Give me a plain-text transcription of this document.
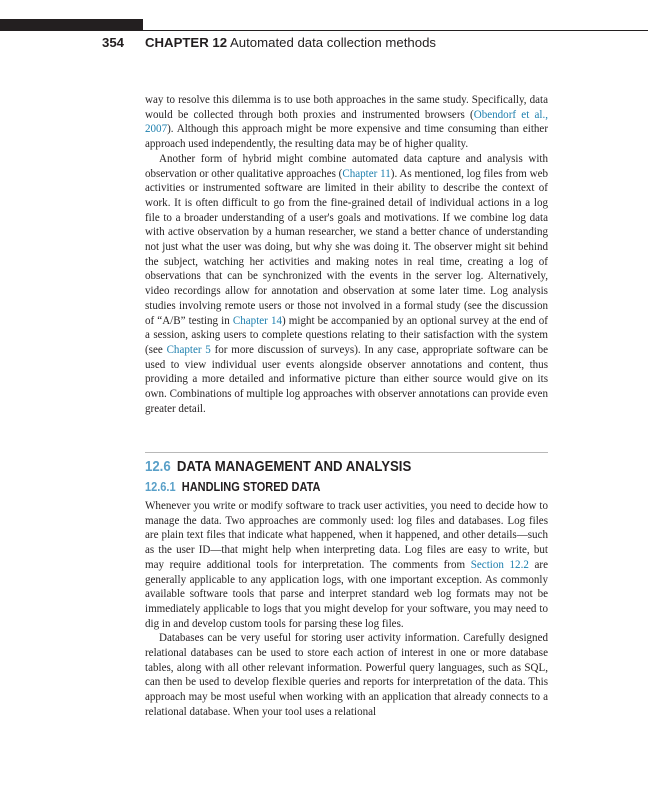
354 CHAPTER 12 Automated data collection methods

way to resolve this dilemma is to use both approaches in the same study. Specifically, data would be collected through both proxies and instrumented browsers (Obendorf et al., 2007). Although this approach might be more expensive and time consuming than either approach used independently, the resulting data may be of higher quality.

Another form of hybrid might combine automated data capture and analysis with observation or other qualitative approaches (Chapter 11). As mentioned, log files from web activities or instrumented software are limited in their ability to describe the context of work. It is often difficult to go from the fine-grained detail of individual actions in a log file to a broader understanding of a user's goals and motivations. If we combine log data with active observation by a human researcher, we stand a better chance of understanding not just what the user was doing, but why she was doing it. The observer might sit behind the subject, watching her activities and making notes in real time, creating a log of observations that can be synchronized with the events in the server log. Alternatively, video recordings allow for annotation and observation at some later time. Log analysis studies involving remote users or those not involved in a formal study (see the discussion of “A/B” testing in Chapter 14) might be accompanied by an optional survey at the end of a session, asking users to complete questions relating to their satisfaction with the system (see Chapter 5 for more discussion of surveys). In any case, appropriate software can be used to view individual user events alongside observer annotations and content, thus providing a more detailed and informative picture than either source would give on its own. Combinations of multiple log approaches with observer annotations can provide even greater detail.

12.6 DATA MANAGEMENT AND ANALYSIS
12.6.1 HANDLING STORED DATA

Whenever you write or modify software to track user activities, you need to decide how to manage the data. Two approaches are commonly used: log files and databases. Log files are plain text files that indicate what happened, when it happened, and other details—such as the user ID—that might help when interpreting data. Log files are easy to write, but may require additional tools for interpretation. The comments from Section 12.2 are generally applicable to any application logs, with one important exception. As commonly available software tools that parse and interpret standard web log formats may not be immediately applicable to logs that you might develop for your software, you may need to dig in and develop custom tools for parsing these log files.

Databases can be very useful for storing user activity information. Carefully designed relational databases can be used to store each action of interest in one or more database tables, along with all other relevant information. Powerful query languages, such as SQL, can then be used to develop flexible queries and reports for interpretation of the data. This approach may be most useful when working with an application that already connects to a relational database. When your tool uses a relational
